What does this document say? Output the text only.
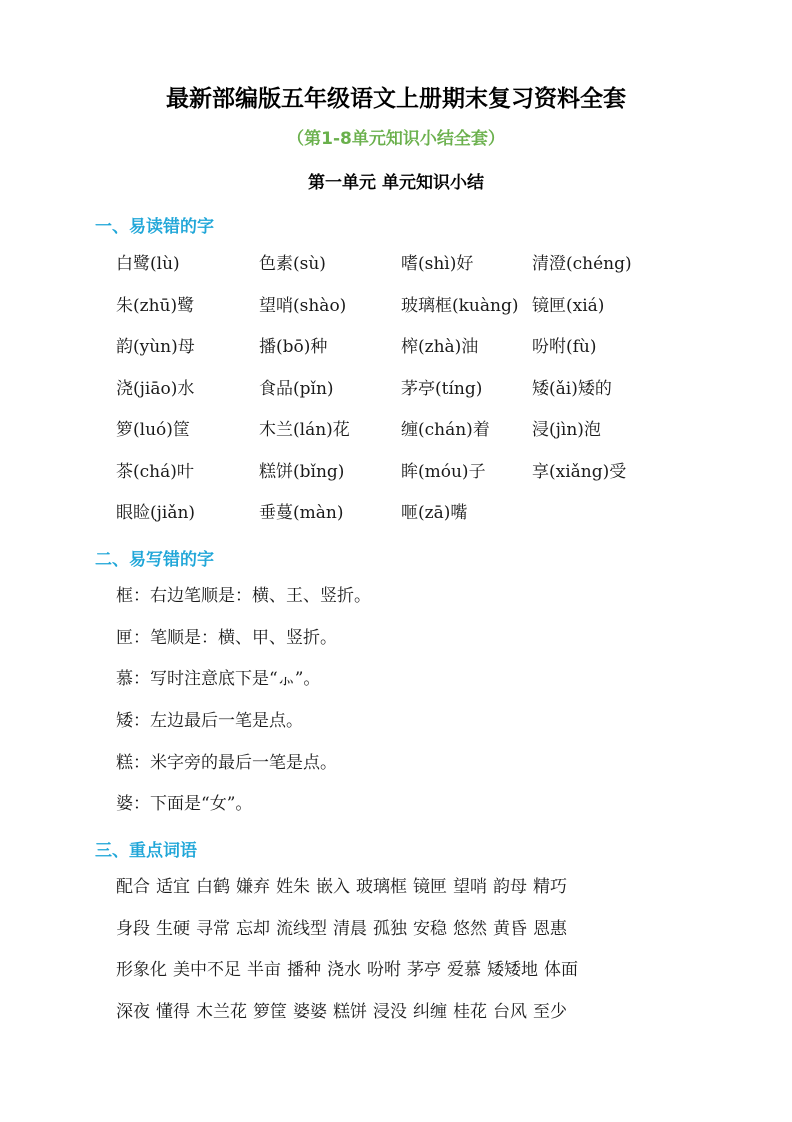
最新部编版五年级语文上册期末复习资料全套
（第1-8单元知识小结全套）
第一单元 单元知识小结
一、易读错的字
白鹭(lù)	色素(sù)	嗜(shì)好	清澄(chéng)
朱(zhū)鹭	望哨(shào)	玻璃框(kuàng) 镜匣(xiá)
韵(yùn)母	播(bō)种	榨(zhà)油	吩咐(fù)
浇(jiāo)水	食品(pǐn)	茅亭(tíng)	矮(ǎi)矮的
箩(luó)筐	木兰(lán)花	缠(chán)着	浸(jìn)泡
茶(chá)叶	糕饼(bǐng)	眸(móu)子	享(xiǎng)受
眼睑(jiǎn)	垂蔓(màn)	咂(zā)嘴
二、易写错的字
框：右边笔顺是：横、王、竖折。
匣：笔顺是：横、甲、竖折。
慕：写时注意底下是“⺗”。
矮：左边最后一笔是点。
糕：米字旁的最后一笔是点。
婆：下面是“女”。
三、重点词语
配合 适宜 白鹤 嫌弃 姓朱 嵌入 玻璃框 镜匣 望哨 韵母 精巧
身段 生硬 寻常 忘却 流线型 清晨 孤独 安稳 悠然 黄昏 恩惠
形象化 美中不足 半亩 播种 浇水 吩咐 茅亭 爱慕 矮矮地 体面
深夜 懂得 木兰花 箩筐 婆婆 糕饼 浸没 纠缠 桂花 台风 至少
